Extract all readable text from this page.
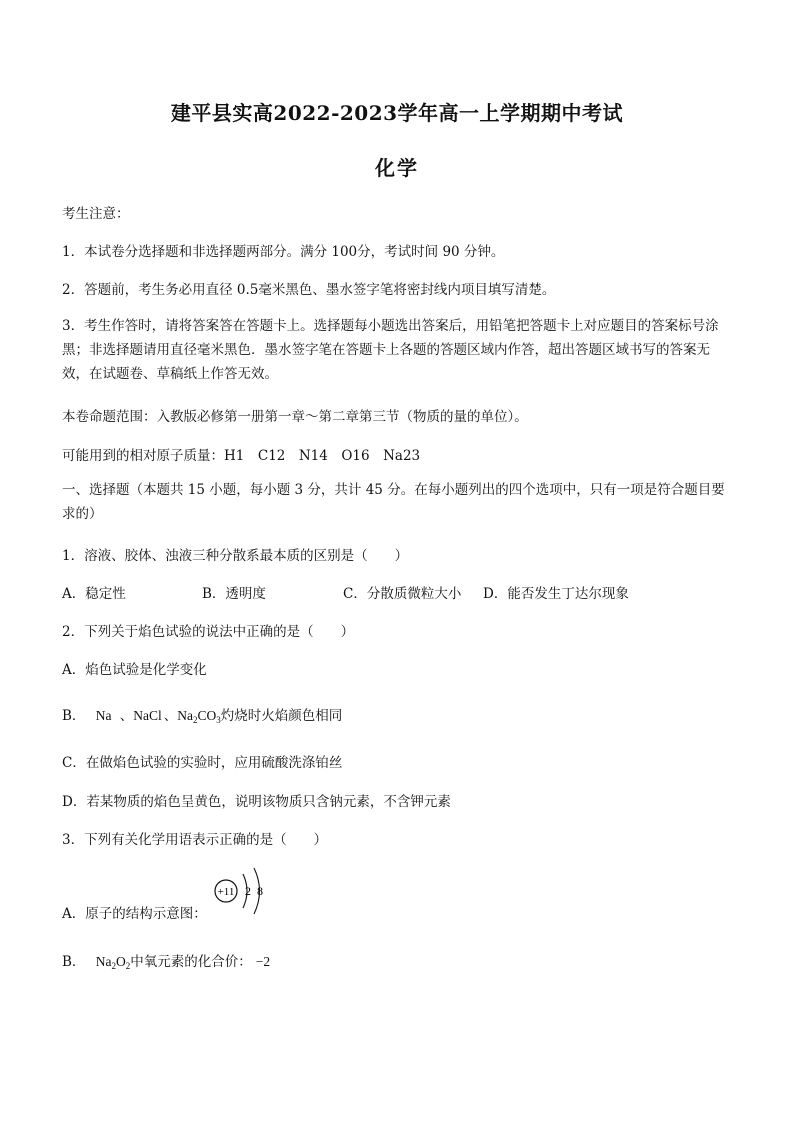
建平县实高2022-2023学年高一上学期期中考试
化学
考生注意：
1．本试卷分选择题和非选择题两部分。满分 100分，考试时间 90 分钟。
2．答题前，考生务必用直径 0.5毫米黑色、墨水签字笔将密封线内项目填写清楚。
3．考生作答时，请将答案答在答题卡上。选择题每小题选出答案后，用铅笔把答题卡上对应题目的答案标号涂黑；非选择题请用直径毫米黑色．墨水签字笔在答题卡上各题的答题区域内作答，超出答题区域书写的答案无效，在试题卷、草稿纸上作答无效。
本卷命题范围：入教版必修第一册第一章～第二章第三节（物质的量的单位）。
可能用到的相对原子质量：H1　C12　N14　O16　Na23
一、选择题（本题共 15 小题，每小题 3 分，共计 45 分。在每小题列出的四个选项中，只有一项是符合题目要求的）
1．溶液、胶体、浊液三种分散系最本质的区别是（　　）
A．稳定性	B．透明度	C．分散质微粒大小 D．能否发生丁达尔现象
2．下列关于焰色试验的说法中正确的是（　　）
A．焰色试验是化学变化
B． Na 、NaCl 、$Na_2CO_3$灼烧时火焰颜色相同
C．在做焰色试验的实验时，应用硫酸洗涤铂丝
D．若某物质的焰色呈黄色，说明该物质只含钠元素，不含钾元素
3．下列有关化学用语表示正确的是（　　）
A．原子的结构示意图：
+11 2 8
B． $Na_2O_2$中氧元素的化合价： −2
